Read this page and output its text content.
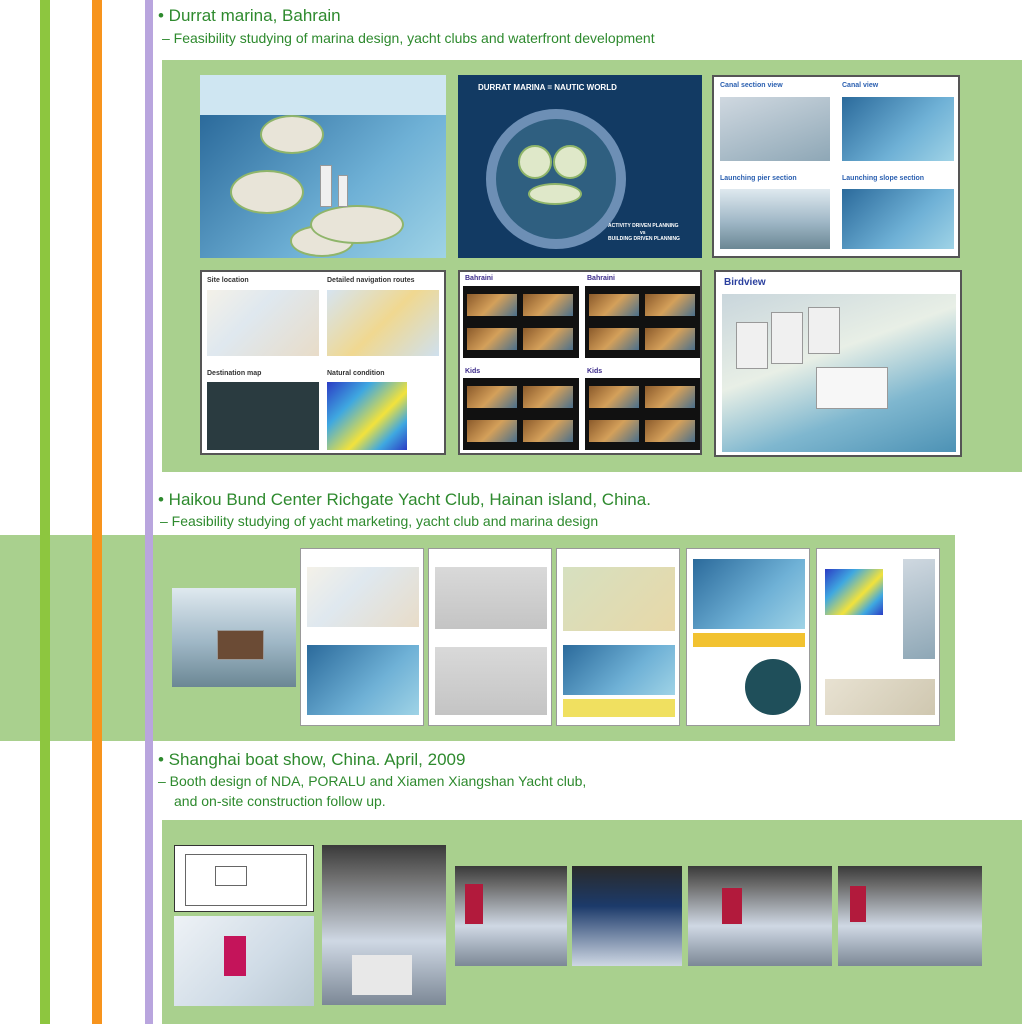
• Durrat marina, Bahrain
– Feasibility studying of marina design, yacht clubs and waterfront development
DURRAT MARINA = NAUTIC WORLD
ACTIVITY DRIVEN PLANNING
vs
BUILDING DRIVEN PLANNING
Canal section view	Canal view
Launching pier section	Launching slope section
Site location	Detailed navigation routes
Destination map	Natural condition
Bahraini	Bahraini
Kids	Kids
Birdview
• Haikou Bund Center Richgate Yacht Club, Hainan island, China.
– Feasibility studying of yacht marketing, yacht club and marina design
• Shanghai boat show, China. April, 2009
– Booth design of NDA, PORALU and Xiamen Xiangshan Yacht club,
and on-site construction follow up.
